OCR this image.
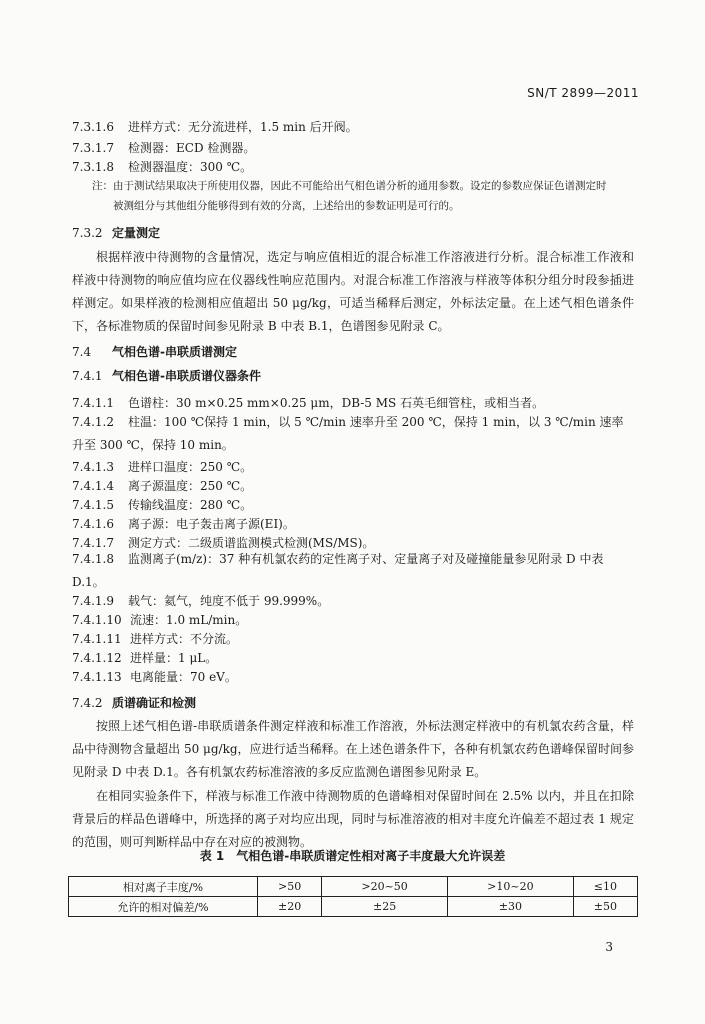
SN/T 2899—2011
7.3.1.6 进样方式：无分流进样，1.5 min 后开阀。
7.3.1.7 检测器：ECD 检测器。
7.3.1.8 检测器温度：300 ℃。
注：由于测试结果取决于所使用仪器，因此不可能给出气相色谱分析的通用参数。设定的参数应保证色谱测定时
被测组分与其他组分能够得到有效的分离，上述给出的参数证明是可行的。
7.3.2 定量测定
根据样液中待测物的含量情况，选定与响应值相近的混合标准工作溶液进行分析。混合标准工作液和样液中待测物的响应值均应在仪器线性响应范围内。对混合标准工作溶液与样液等体积分组分时段参插进样测定。如果样液的检测相应值超出 50 μg/kg，可适当稀释后测定，外标法定量。在上述气相色谱条件下，各标准物质的保留时间参见附录 B 中表 B.1，色谱图参见附录 C。
7.4 气相色谱-串联质谱测定
7.4.1 气相色谱-串联质谱仪器条件
7.4.1.1 色谱柱：30 m×0.25 mm×0.25 μm，DB-5 MS 石英毛细管柱，或相当者。
7.4.1.2 柱温：100 ℃保持 1 min，以 5 ℃/min 速率升至 200 ℃，保持 1 min，以 3 ℃/min 速率升至 300 ℃，保持 10 min。
7.4.1.3 进样口温度：250 ℃。
7.4.1.4 离子源温度：250 ℃。
7.4.1.5 传输线温度：280 ℃。
7.4.1.6 离子源：电子轰击离子源(EI)。
7.4.1.7 测定方式：二级质谱监测模式检测(MS/MS)。
7.4.1.8 监测离子(m/z)：37 种有机氯农药的定性离子对、定量离子对及碰撞能量参见附录 D 中表 D.1。
7.4.1.9 载气：氦气，纯度不低于 99.999%。
7.4.1.10 流速：1.0 mL/min。
7.4.1.11 进样方式：不分流。
7.4.1.12 进样量：1 μL。
7.4.1.13 电离能量：70 eV。
7.4.2 质谱确证和检测
按照上述气相色谱-串联质谱条件测定样液和标准工作溶液，外标法测定样液中的有机氯农药含量，样品中待测物含量超出 50 μg/kg，应进行适当稀释。在上述色谱条件下，各种有机氯农药色谱峰保留时间参见附录 D 中表 D.1。各有机氯农药标准溶液的多反应监测色谱图参见附录 E。
在相同实验条件下，样液与标准工作液中待测物质的色谱峰相对保留时间在 2.5% 以内，并且在扣除背景后的样品色谱峰中，所选择的离子对均应出现，同时与标准溶液的相对丰度允许偏差不超过表 1 规定的范围，则可判断样品中存在对应的被测物。
表 1　气相色谱-串联质谱定性相对离子丰度最大允许误差
相对离子丰度/%	>50	>20~50	>10~20	≤10
允许的相对偏差/%	±20	±25	±30	±50
3
